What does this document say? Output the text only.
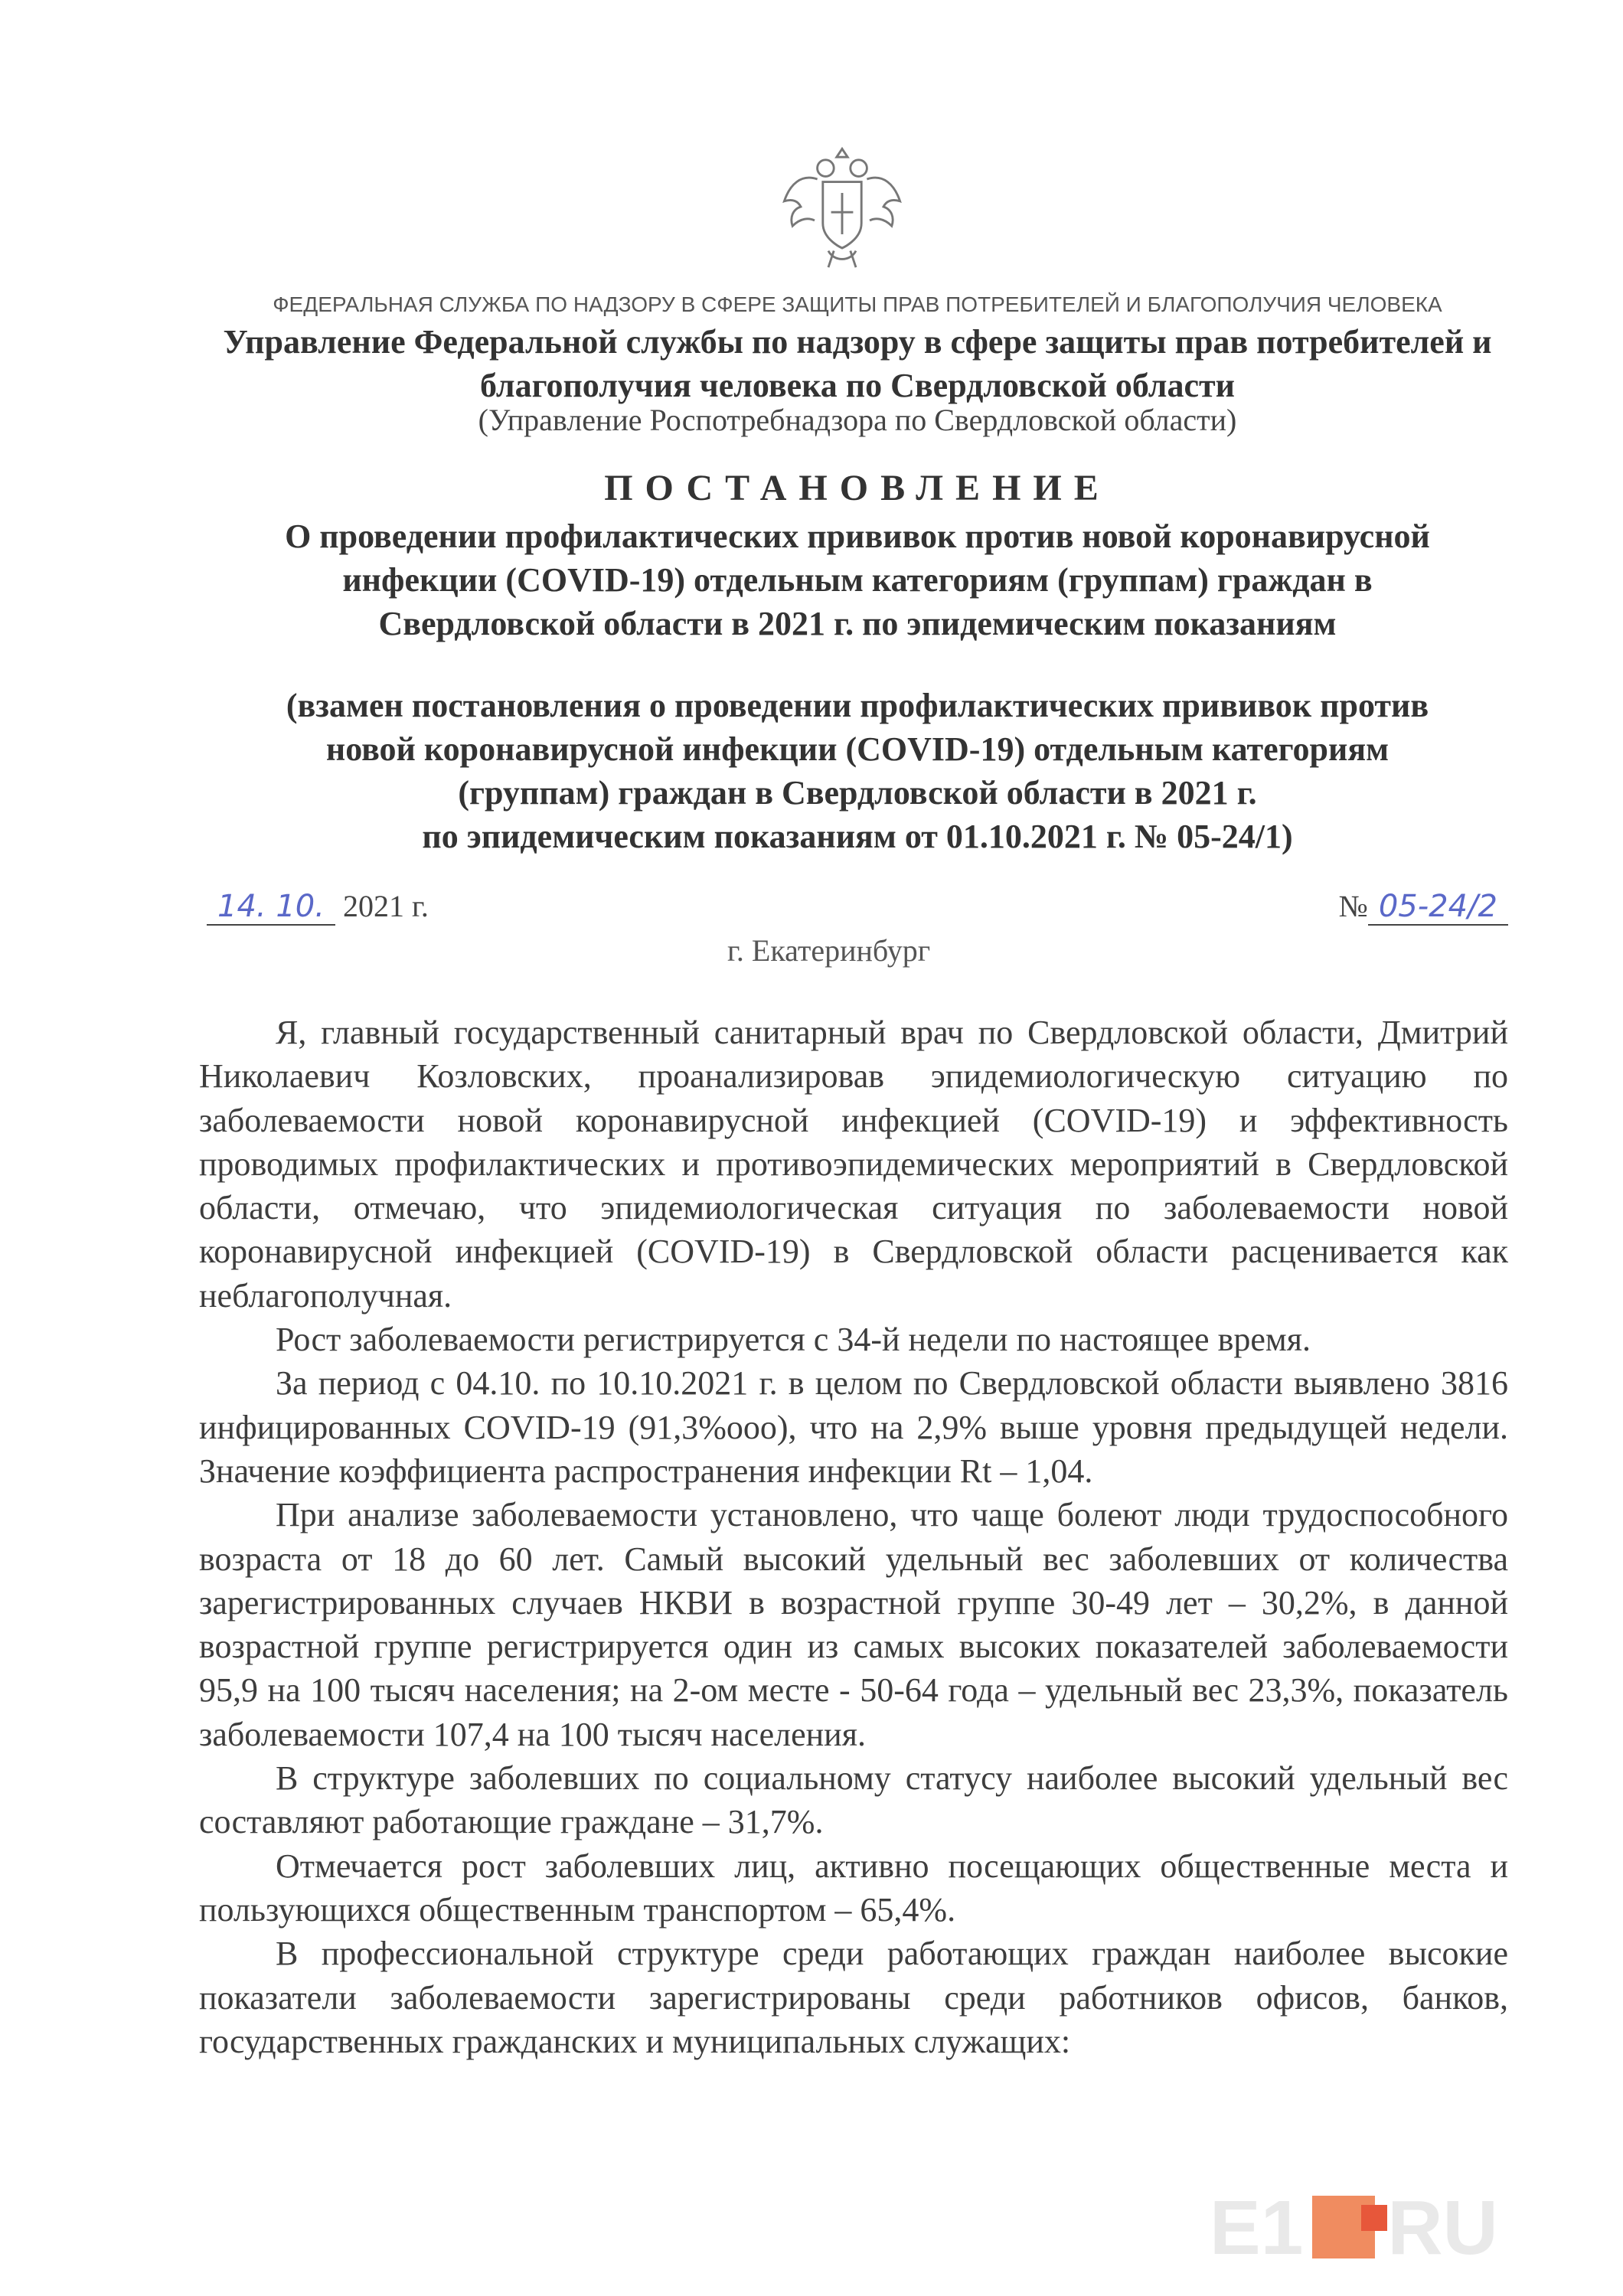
ФЕДЕРАЛЬНАЯ СЛУЖБА ПО НАДЗОРУ В СФЕРЕ ЗАЩИТЫ ПРАВ ПОТРЕБИТЕЛЕЙ И БЛАГОПОЛУЧИЯ ЧЕЛОВЕКА
Управление Федеральной службы по надзору в сфере защиты прав потребителей и
благополучия человека по Свердловской области
(Управление Роспотребнадзора по Свердловской области)
ПОСТАНОВЛЕНИЕ
О проведении профилактических прививок против новой коронавирусной
инфекции (COVID-19) отдельным категориям (группам) граждан в
Свердловской области в 2021 г. по эпидемическим показаниям
(взамен постановления о проведении профилактических прививок против
новой коронавирусной инфекции (COVID-19) отдельным категориям
(группам) граждан в Свердловской области в 2021 г.
по эпидемическим показаниям от 01.10.2021 г. № 05-24/1)
14. 10. 2021 г.	№ 05-24/2
г. Екатеринбург

Я, главный государственный санитарный врач по Свердловской области, Дмитрий Николаевич Козловских, проанализировав эпидемиологическую ситуацию по заболеваемости новой коронавирусной инфекцией (COVID-19) и эффективность проводимых профилактических и противоэпидемических мероприятий в Свердловской области, отмечаю, что эпидемиологическая ситуация по заболеваемости новой коронавирусной инфекцией (COVID-19) в Свердловской области расценивается как неблагополучная.

Рост заболеваемости регистрируется с 34-й недели по настоящее время.

За период с 04.10. по 10.10.2021 г. в целом по Свердловской области выявлено 3816 инфицированных COVID-19 (91,3%ооо), что на 2,9% выше уровня предыдущей недели. Значение коэффициента распространения инфекции Rt – 1,04.

При анализе заболеваемости установлено, что чаще болеют люди трудоспособного возраста от 18 до 60 лет. Самый высокий удельный вес заболевших от количества зарегистрированных случаев НКВИ в возрастной группе 30-49 лет – 30,2%, в данной возрастной группе регистрируется один из самых высоких показателей заболеваемости 95,9 на 100 тысяч населения; на 2-ом месте - 50-64 года – удельный вес 23,3%, показатель заболеваемости 107,4 на 100 тысяч населения.

В структуре заболевших по социальному статусу наиболее высокий удельный вес составляют работающие граждане – 31,7%.

Отмечается рост заболевших лиц, активно посещающих общественные места и пользующихся общественным транспортом – 65,4%.

В профессиональной структуре среди работающих граждан наиболее высокие показатели заболеваемости зарегистрированы среди работников офисов, банков, государственных гражданских и муниципальных служащих:

E1 RU
